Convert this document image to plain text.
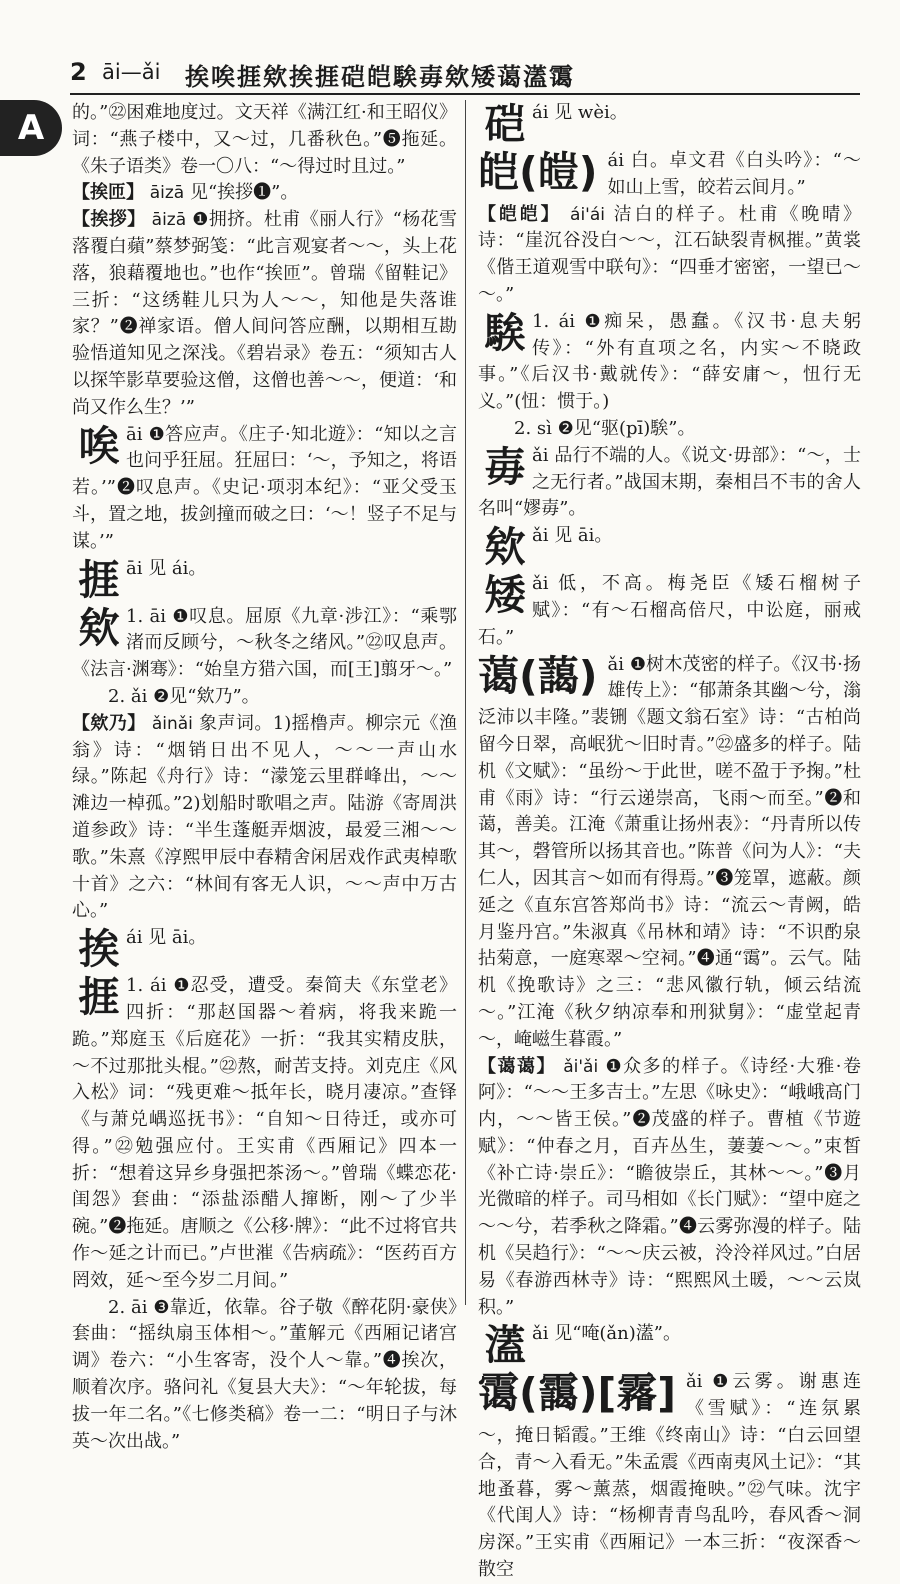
2 āi—ǎi 挨唉捱欸挨捱硙皑騃毐欸矮蔼濭霭
A	的。”㉒困难地度过。文天祥《满江红·和王昭仪》词：“燕子楼中，又～过，几番秋色。”❺拖延。《朱子语类》卷一〇八：“～得过时且过。”

【挨匝】 āizā 见“挨拶❶”。

【挨拶】 āizā ❶拥挤。杜甫《丽人行》“杨花雪落覆白蘋”蔡梦弼笺：“此言观宴者～～，头上花落，狼藉覆地也。”也作“挨匝”。曾瑞《留鞋记》三折：“这绣鞋儿只为人～～，知他是失落谁家？”❷禅家语。僧人间问答应酬，以期相互勘验悟道知见之深浅。《碧岩录》卷五：“须知古人以探竿影草要验这僧，这僧也善～～，便道：‘和尚又作么生？’”

唉āi ❶答应声。《庄子·知北遊》：“知以之言也问乎狂屈。狂屈曰：‘～，予知之，将语若。’”❷叹息声。《史记·项羽本纪》：“亚父受玉斗，置之地，拔剑撞而破之曰：‘～！竖子不足与谋。’”

捱āi 见 ái。

欸 1. āi ❶叹息。屈原《九章·涉江》：“乘鄂渚而反顾兮，～秋冬之绪风。”㉒叹息声。《法言·渊骞》：“始皇方猎六国，而[王]翦牙～。”

2. ǎi ❷见“欸乃”。

【欸乃】 ǎinǎi 象声词。1)摇橹声。柳宗元《渔翁》诗：“烟销日出不见人，～～一声山水绿。”陈起《舟行》诗：“濛笼云里群峰出，～～滩边一棹孤。”2)划船时歌唱之声。陆游《寄周洪道参政》诗：“半生蓬艇弄烟波，最爱三湘～～歌。”朱熹《淳熙甲辰中春精舍闲居戏作武夷棹歌十首》之六：“林间有客无人识，～～声中万古心。”

挨ái 见 āi。

捱 1. ái ❶忍受，遭受。秦简夫《东堂老》四折：“那赵国器～着病，将我来跪一跪。”郑庭玉《后庭花》一折：“我其实精皮肤，～不过那批头棍。”㉒熬，耐苦支持。刘克庄《风入松》词：“残更难～抵年长，晓月凄凉。”查铎《与萧兑嵎巡抚书》：“自知～日待迁，或亦可得。”㉒勉强应付。王实甫《西厢记》四本一折：“想着这异乡身强把茶汤～。”曾瑞《蝶恋花·闺怨》套曲：“添盐添醋人撺断，刚～了少半碗。”❷拖延。唐顺之《公移·牌》：“此不过将官共作～延之计而已。”卢世漼《告病疏》：“医药百方罔效，延～至今岁二月间。”

2. āi ❸靠近，依靠。谷子敬《醉花阴·豪侠》套曲：“摇纨扇玉体相～。”董解元《西厢记诸宫调》卷六：“小生客寄，没个人～靠。”❹挨次，顺着次序。骆问礼《复县大夫》：“～年轮拔，每拔一年二名。”《七修类稿》卷一二：“明日子与沐英～次出战。”

硙ái 见 wèi。

皑(皚) ái 白。卓文君《白头吟》：“～如山上雪，皎若云间月。”

【皑皑】 ái'ái 洁白的样子。杜甫《晚晴》诗：“崖沉谷没白～～，江石缺裂青枫摧。”黄裳《偕王道观雪中联句》：“四垂才密密，一望已～～。”

騃 1. ái ❶痴呆，愚蠢。《汉书·息夫躬传》：“外有直项之名，内实～不晓政事。”《后汉书·戴就传》：“薛安庸～，忸行无义。”(忸：惯于。)

2. sì ❷见“驱(pī)騃”。

毐ǎi 品行不端的人。《说文·毋部》：“～，士之无行者。”战国末期，秦相吕不韦的舍人名叫“嫪毐”。

欸ǎi 见 āi。

矮ǎi 低，不高。梅尧臣《矮石榴树子赋》：“有～石榴高倍尺，中讼庭，丽戒石。”

蔼(藹) ǎi ❶树木茂密的样子。《汉书·扬雄传上》：“郁萧条其幽～兮，滃泛沛以丰隆。”裴铏《题文翁石室》诗：“古柏尚留今日翠，高岷犹～旧时青。”㉒盛多的样子。陆机《文赋》：“虽纷～于此世，嗟不盈于予掬。”杜甫《雨》诗：“行云递崇高，飞雨～而至。”❷和蔼，善美。江淹《萧重让扬州表》：“丹青所以传其～，磬管所以扬其音也。”陈普《问为人》：“夫仁人，因其言～如而有得焉。”❸笼罩，遮蔽。颜延之《直东宫答郑尚书》诗：“流云～青阙，皓月鉴丹宫。”朱淑真《吊林和靖》诗：“不识酌泉拈菊意，一庭寒翠～空祠。”❹通“霭”。云气。陆机《挽歌诗》之三：“悲风徽行轨，倾云结流～。”江淹《秋夕纳凉奉和刑狱舅》：“虚堂起青～，崦嵫生暮霞。”

【蔼蔼】 ǎi'ǎi ❶众多的样子。《诗经·大雅·卷阿》：“～～王多吉士。”左思《咏史》：“峨峨高门内，～～皆王侯。”❷茂盛的样子。曹植《节遊赋》：“仲春之月，百卉丛生，萋萋～～。”束皙《补亡诗·崇丘》：“瞻彼崇丘，其林～～。”❸月光微暗的样子。司马相如《长门赋》：“望中庭之～～兮，若季秋之降霜。”❹云雾弥漫的样子。陆机《吴趋行》：“～～庆云被，泠泠祥风过。”白居易《春游西林寺》诗：“熙熙风土暖，～～云岚积。”

濭ǎi 见“唵(ǎn)濭”。

霭(靄)[霿] ǎi ❶云雾。谢惠连《雪赋》：“连氛累～，掩日韬霞。”王维《终南山》诗：“白云回望合，青～入看无。”朱孟震《西南夷风土记》：“其地蚤暮，雾～薰蒸，烟霞掩映。”㉒气味。沈宇《代闺人》诗：“杨柳青青鸟乱吟，春风香～洞房深。”王实甫《西厢记》一本三折：“夜深香～散空
